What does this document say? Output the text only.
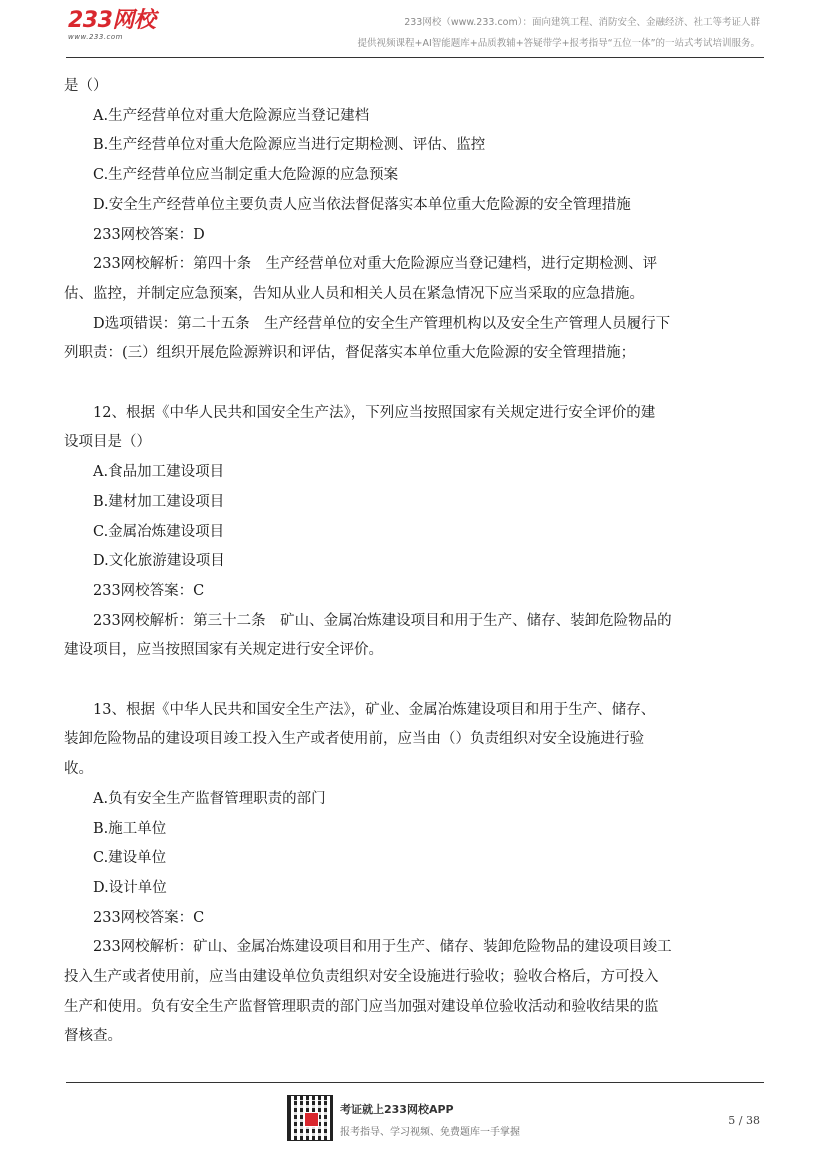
233网校
www.233.com
233网校（www.233.com）：面向建筑工程、消防安全、金融经济、社工等考证人群
提供视频课程+AI智能题库+品质教辅+答疑带学+报考指导“五位一体”的一站式考试培训服务。

是（）

A.生产经营单位对重大危险源应当登记建档

B.生产经营单位对重大危险源应当进行定期检测、评估、监控

C.生产经营单位应当制定重大危险源的应急预案

D.安全生产经营单位主要负责人应当依法督促落实本单位重大危险源的安全管理措施

233网校答案：D

233网校解析：第四十条　生产经营单位对重大危险源应当登记建档，进行定期检测、评

估、监控，并制定应急预案，告知从业人员和相关人员在紧急情况下应当采取的应急措施。

D选项错误：第二十五条　生产经营单位的安全生产管理机构以及安全生产管理人员履行下

列职责：(三）组织开展危险源辨识和评估，督促落实本单位重大危险源的安全管理措施；

12、根据《中华人民共和国安全生产法》，下列应当按照国家有关规定进行安全评价的建

设项目是（）

A.食品加工建设项目

B.建材加工建设项目

C.金属冶炼建设项目

D.文化旅游建设项目

233网校答案：C

233网校解析：第三十二条　矿山、金属冶炼建设项目和用于生产、储存、装卸危险物品的

建设项目，应当按照国家有关规定进行安全评价。

13、根据《中华人民共和国安全生产法》，矿业、金属冶炼建设项目和用于生产、储存、

装卸危险物品的建设项目竣工投入生产或者使用前，应当由（）负责组织对安全设施进行验

收。

A.负有安全生产监督管理职责的部门

B.施工单位

C.建设单位

D.设计单位

233网校答案：C

233网校解析：矿山、金属冶炼建设项目和用于生产、储存、装卸危险物品的建设项目竣工

投入生产或者使用前，应当由建设单位负责组织对安全设施进行验收；验收合格后，方可投入

生产和使用。负有安全生产监督管理职责的部门应当加强对建设单位验收活动和验收结果的监

督核查。

考证就上233网校APP
报考指导、学习视频、免费题库一手掌握
5 / 38
